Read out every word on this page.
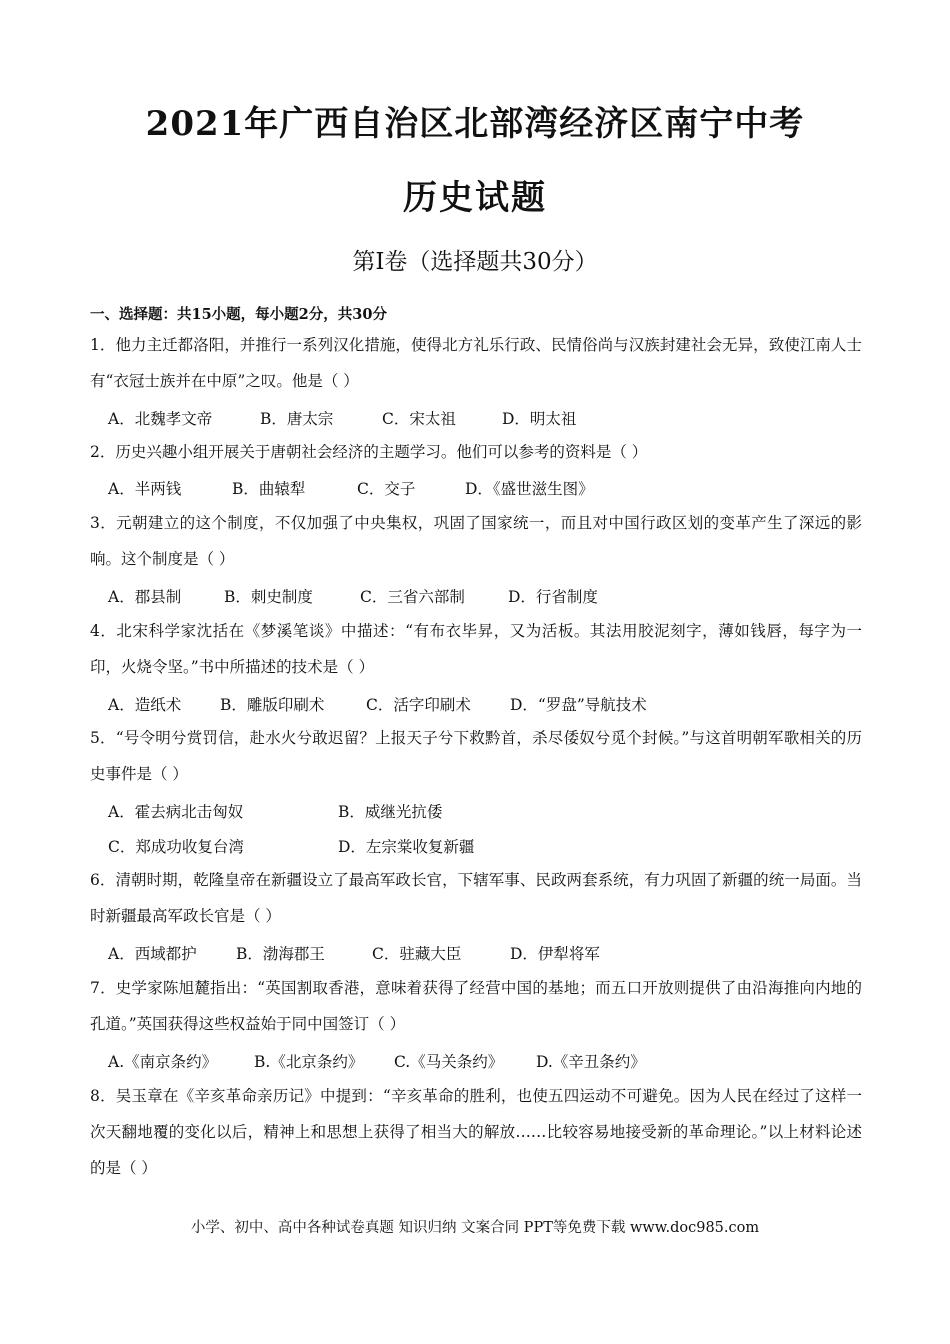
2021年广西自治区北部湾经济区南宁中考
历史试题
第Ⅰ卷（选择题共30分）
一、选择题：共15小题，每小题2分，共30分
1．他力主迁都洛阳，并推行一系列汉化措施，使得北方礼乐行政、民情俗尚与汉族封建社会无异，致使江南人士有“衣冠士族并在中原”之叹。他是（ ）
A．北魏孝文帝	B．唐太宗	C．宋太祖	D．明太祖
2．历史兴趣小组开展关于唐朝社会经济的主题学习。他们可以参考的资料是（ ）
A．半两钱	B．曲辕犁	C．交子	D．《盛世滋生图》
3．元朝建立的这个制度，不仅加强了中央集权，巩固了国家统一，而且对中国行政区划的变革产生了深远的影响。这个制度是（ ）
A．郡县制	B．刺史制度	C．三省六部制	D．行省制度
4．北宋科学家沈括在《梦溪笔谈》中描述：“有布衣毕昇，又为活板。其法用胶泥刻字，薄如钱唇，每字为一印，火烧令坚。”书中所描述的技术是（ ）
A．造纸术	B．雕版印刷术	C．活字印刷术	D．“罗盘”导航技术
5．“号令明兮赏罚信，赴水火兮敢迟留？上报天子兮下救黔首，杀尽倭奴兮觅个封候。”与这首明朝军歌相关的历史事件是（ ）
A．霍去病北击匈奴	B．威继光抗倭
C．郑成功收复台湾	D．左宗棠收复新疆
6．清朝时期，乾隆皇帝在新疆设立了最高军政长官，下辖军事、民政两套系统，有力巩固了新疆的统一局面。当时新疆最高军政长官是（ ）
A．西域都护	B．渤海郡王	C．驻藏大臣	D．伊犁将军
7．史学家陈旭麓指出：“英国割取香港，意味着获得了经营中国的基地；而五口开放则提供了由沿海推向内地的孔道。”英国获得这些权益始于同中国签订（ ）
A.《南京条约》 B.《北京条约》 C.《马关条约》 D.《辛丑条约》
8．吴玉章在《辛亥革命亲历记》中提到：“辛亥革命的胜利，也使五四运动不可避免。因为人民在经过了这样一次天翻地覆的变化以后，精神上和思想上获得了相当大的解放……比较容易地接受新的革命理论。”以上材料论述的是（ ）
小学、初中、高中各种试卷真题 知识归纳 文案合同 PPT等免费下载 www.doc985.com
